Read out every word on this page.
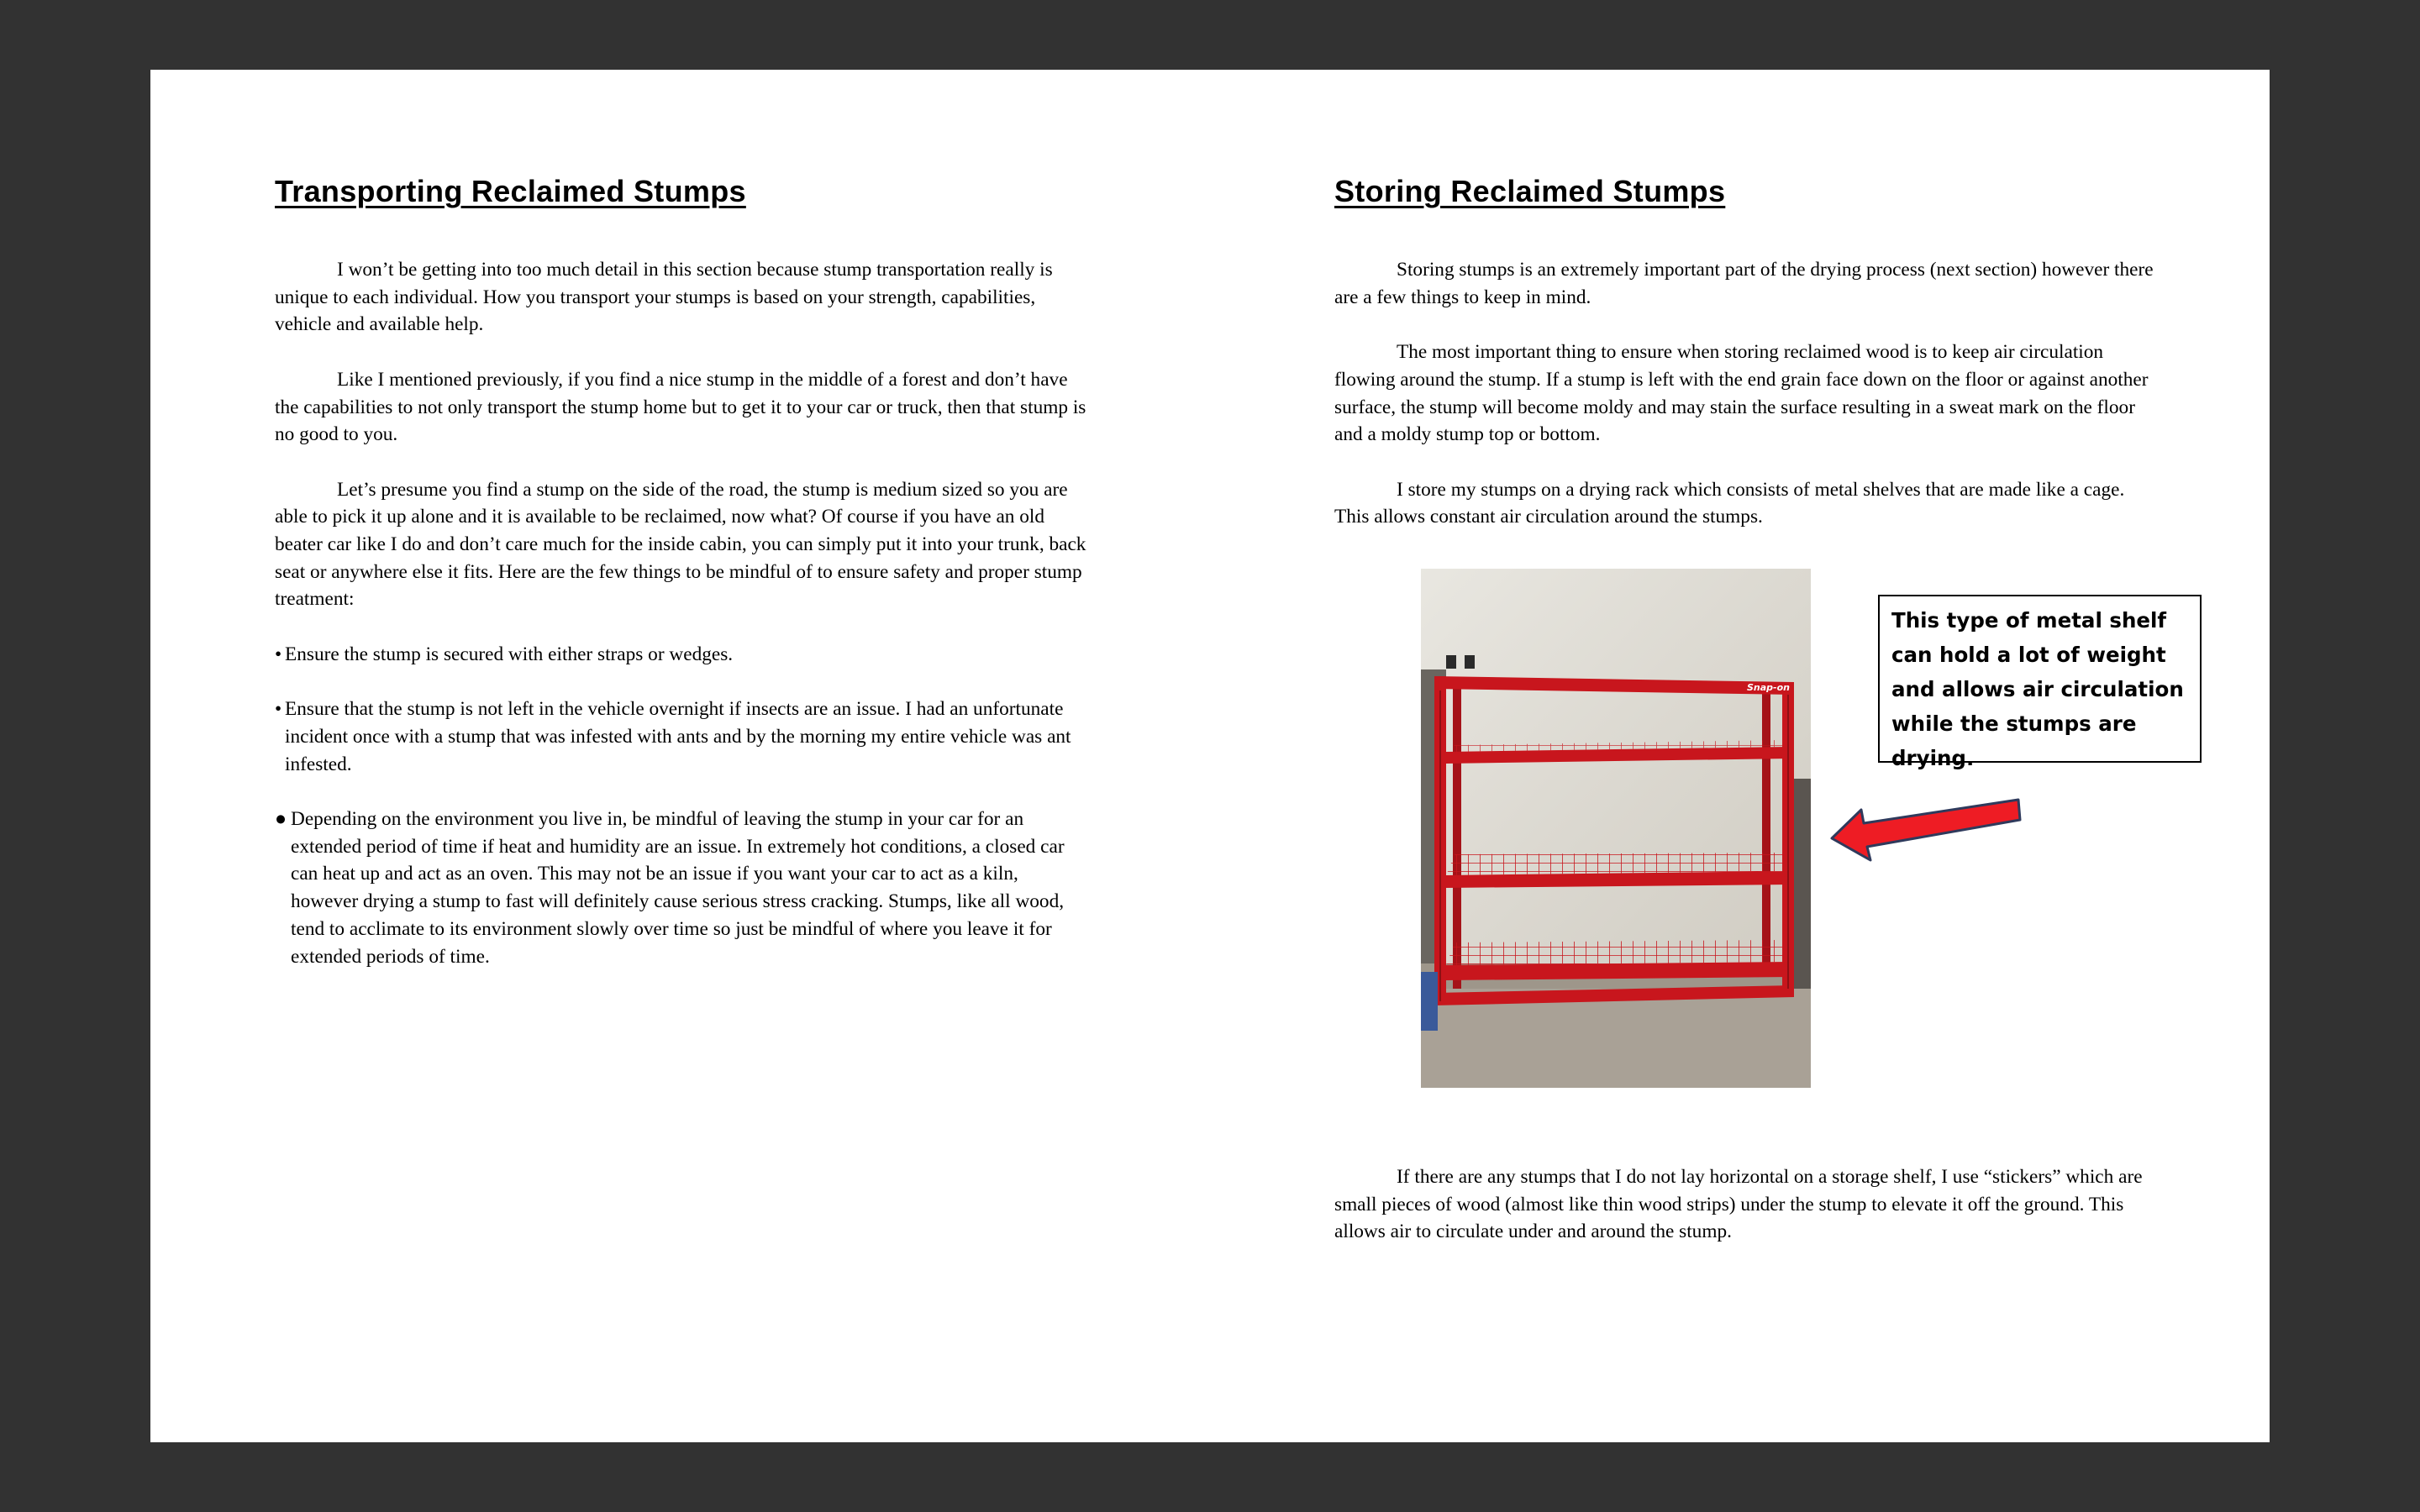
Transporting Reclaimed Stumps

I won’t be getting into too much detail in this section because stump transportation really is unique to each individual. How you transport your stumps is based on your strength, capabilities, vehicle and available help.

Like I mentioned previously, if you find a nice stump in the middle of a forest and don’t have the capabilities to not only transport the stump home but to get it to your car or truck, then that stump is no good to you.

Let’s presume you find a stump on the side of the road, the stump is medium sized so you are able to pick it up alone and it is available to be reclaimed, now what? Of course if you have an old beater car like I do and don’t care much for the inside cabin, you can simply put it into your trunk, back seat or anywhere else it fits. Here are the few things to be mindful of to ensure safety and proper stump treatment:

• Ensure the stump is secured with either straps or wedges.
• Ensure that the stump is not left in the vehicle overnight if insects are an issue. I had an unfortunate incident once with a stump that was infested with ants and by the morning my entire vehicle was ant infested.
● Depending on the environment you live in, be mindful of leaving the stump in your car for an extended period of time if heat and humidity are an issue. In extremely hot conditions, a closed car can heat up and act as an oven. This may not be an issue if you want your car to act as a kiln, however drying a stump to fast will definitely cause serious stress cracking. Stumps, like all wood, tend to acclimate to its environment slowly over time so just be mindful of where you leave it for extended periods of time.
Storing Reclaimed Stumps

Storing stumps is an extremely important part of the drying process (next section) however there are a few things to keep in mind.

The most important thing to ensure when storing reclaimed wood is to keep air circulation flowing around the stump. If a stump is left with the end grain face down on the floor or against another surface, the stump will become moldy and may stain the surface resulting in a sweat mark on the floor and a moldy stump top or bottom.

I store my stumps on a drying rack which consists of metal shelves that are made like a cage. This allows constant air circulation around the stumps.

Snap-on
This type of metal shelf can hold a lot of weight and allows air circulation while the stumps are drying.

If there are any stumps that I do not lay horizontal on a storage shelf, I use “stickers” which are small pieces of wood (almost like thin wood strips) under the stump to elevate it off the ground. This allows air to circulate under and around the stump.
